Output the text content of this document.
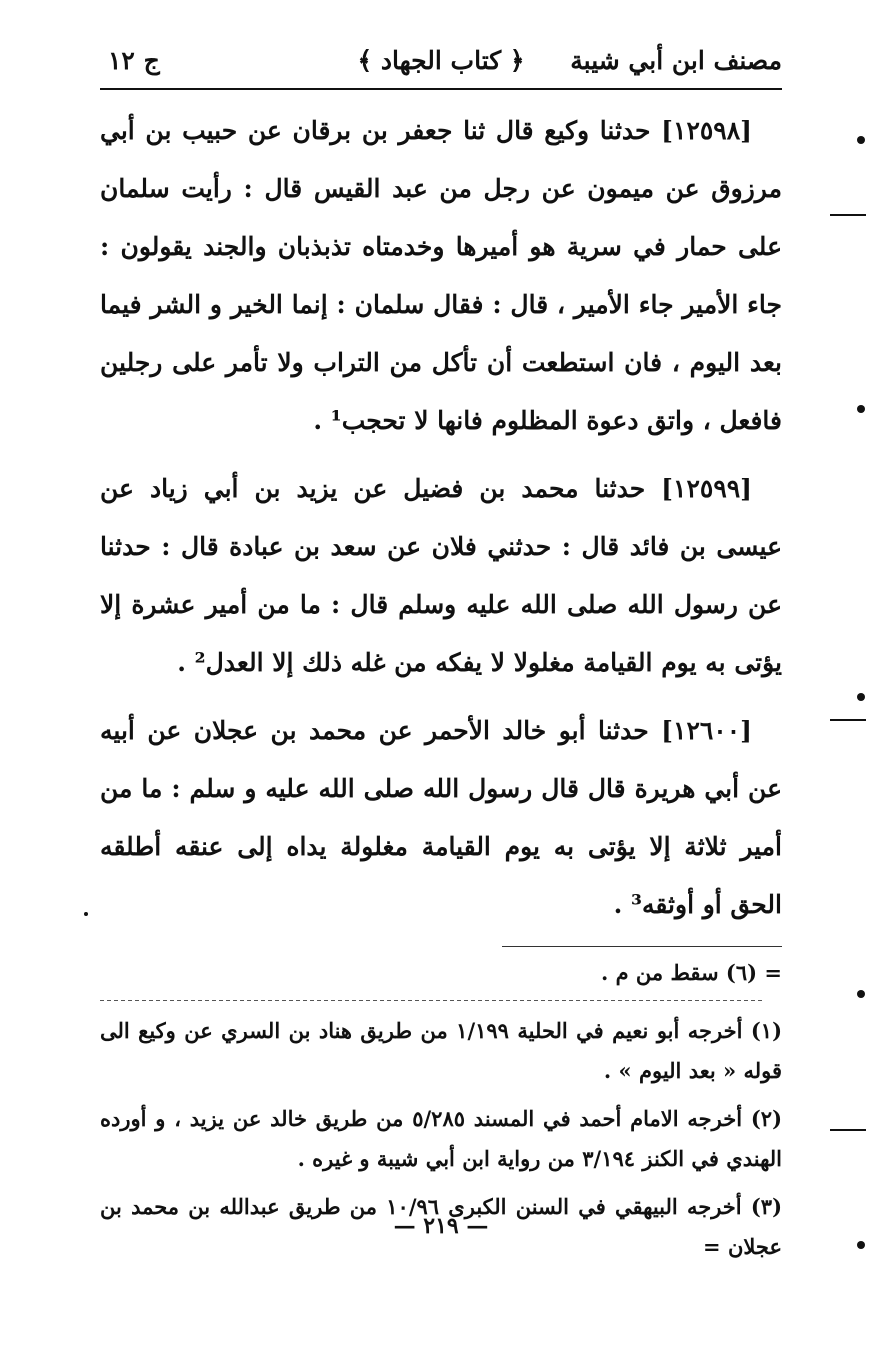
مصنف ابن أبي شيبة
﴿ كتاب الجهاد ﴾
ج ١٢

[١٢٥٩٨] حدثنا وكيع قال ثنا جعفر بن برقان عن حبيب بن أبي مرزوق عن ميمون عن رجل من عبد القيس قال : رأيت سلمان على حمار في سرية هو أميرها وخدمتاه تذبذبان والجند يقولون : جاء الأمير جاء الأمير ، قال : فقال سلمان : إنما الخير و الشر فيما بعد اليوم ، فان استطعت أن تأكل من التراب ولا تأمر على رجلين فافعل ، واتق دعوة المظلوم فانها لا تحجب¹ .

[١٢٥٩٩] حدثنا محمد بن فضيل عن يزيد بن أبي زياد عن عيسى بن فائد قال : حدثني فلان عن سعد بن عبادة قال : حدثنا عن رسول الله صلى الله عليه وسلم قال : ما من أمير عشرة إلا يؤتى به يوم القيامة مغلولا لا يفكه من غله ذلك إلا العدل² .

[١٢٦٠٠] حدثنا أبو خالد الأحمر عن محمد بن عجلان عن أبيه عن أبي هريرة قال قال رسول الله صلى الله عليه و سلم : ما من أمير ثلاثة إلا يؤتى به يوم القيامة مغلولة يداه إلى عنقه أطلقه الحق أو أوثقه³ .

= (٦) سقط من م .

(١) أخرجه أبو نعيم في الحلية ١/١٩٩ من طريق هناد بن السري عن وكيع الى قوله « بعد اليوم » .

(٢) أخرجه الامام أحمد في المسند ٥/٢٨٥ من طريق خالد عن يزيد ، و أورده الهندي في الكنز ٣/١٩٤ من رواية ابن أبي شيبة و غيره .

(٣) أخرجه البيهقي في السنن الكبرى ١٠/٩٦ من طريق عبدالله بن محمد بن عجلان =

— ٢١٩ —
